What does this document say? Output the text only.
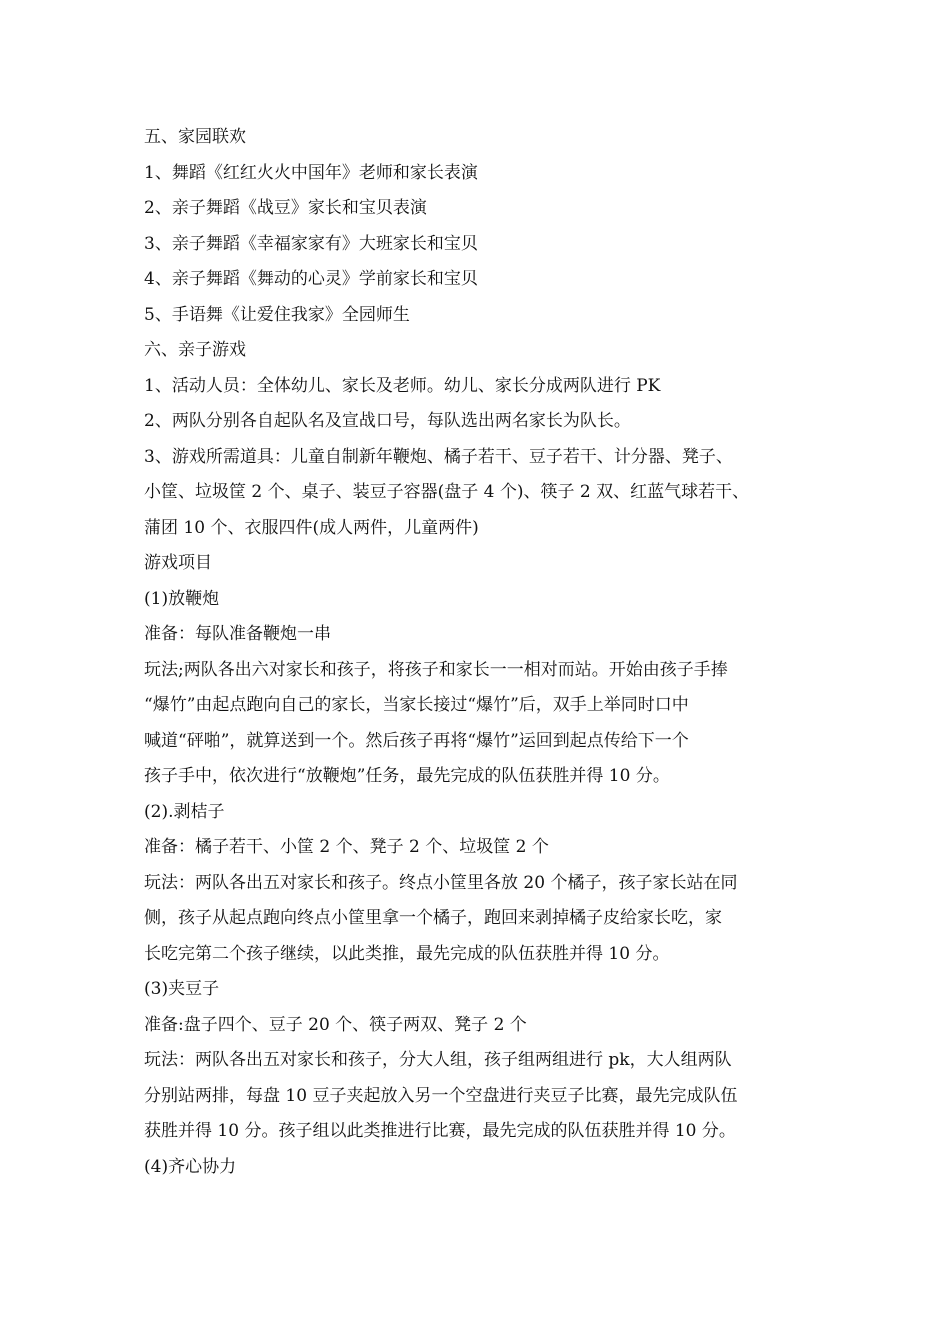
五、家园联欢
1、舞蹈《红红火火中国年》老师和家长表演
2、亲子舞蹈《战豆》家长和宝贝表演
3、亲子舞蹈《幸福家家有》大班家长和宝贝
4、亲子舞蹈《舞动的心灵》学前家长和宝贝
5、手语舞《让爱住我家》全园师生
六、亲子游戏
1、活动人员：全体幼儿、家长及老师。幼儿、家长分成两队进行 PK
2、两队分别各自起队名及宣战口号，每队选出两名家长为队长。
3、游戏所需道具：儿童自制新年鞭炮、橘子若干、豆子若干、计分器、凳子、
小筐、垃圾筐 2 个、桌子、装豆子容器(盘子 4 个)、筷子 2 双、红蓝气球若干、
蒲团 10 个、衣服四件(成人两件，儿童两件)
游戏项目
(1)放鞭炮
准备：每队准备鞭炮一串
玩法;两队各出六对家长和孩子，将孩子和家长一一相对而站。开始由孩子手捧
“爆竹”由起点跑向自己的家长，当家长接过“爆竹”后，双手上举同时口中
喊道“砰啪”，就算送到一个。然后孩子再将“爆竹”运回到起点传给下一个
孩子手中，依次进行“放鞭炮”任务，最先完成的队伍获胜并得 10 分。
(2).剥桔子
准备：橘子若干、小筐 2 个、凳子 2 个、垃圾筐 2 个
玩法：两队各出五对家长和孩子。终点小筐里各放 20 个橘子，孩子家长站在同
侧，孩子从起点跑向终点小筐里拿一个橘子，跑回来剥掉橘子皮给家长吃，家
长吃完第二个孩子继续，以此类推，最先完成的队伍获胜并得 10 分。
(3)夹豆子
准备:盘子四个、豆子 20 个、筷子两双、凳子 2 个
玩法：两队各出五对家长和孩子，分大人组，孩子组两组进行 pk，大人组两队
分别站两排，每盘 10 豆子夹起放入另一个空盘进行夹豆子比赛，最先完成队伍
获胜并得 10 分。孩子组以此类推进行比赛，最先完成的队伍获胜并得 10 分。
(4)齐心协力
